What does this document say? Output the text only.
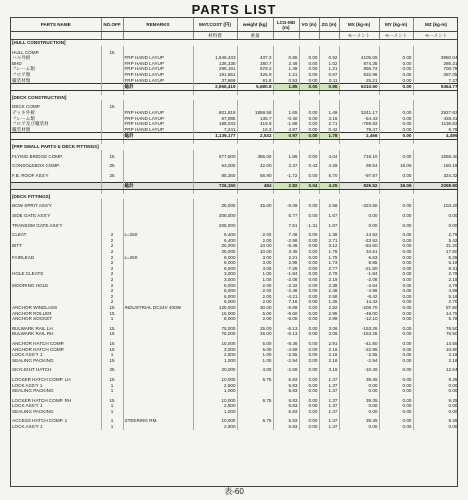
PARTS LIST
PARTS NAME	NO.OFF	REMARKS	MAT.COST (円)	weight (kg)	LCG-MD (m)	VG (m)	ZG (m)	MX (kg-m)	MY (kg-m)	MZ (kg-m)
			材料費	重量				モーメント	モーメント	モーメント
[HULL CONSTRUCTION]										

HULL COMP.	15									
ハル外板		FRP HAND LAYUP	1,848,433	437.2	0.85	0.00	0.92	4105.05	0.00	3980.04
BHD		FRP HAND LAYUP	136,336	280.7	2.49	0.00	1.02	874.35	0.00	286.21
フレーム類		FRP HAND LAYUP	298,191	578.2	1.48	0.00	1.21	855.74	0.00	700.78
フロア類		FRP HAND LAYUP	191,651	425.9	1.21	0.00	0.67	532.96	0.00	287.05
艤装材類		FRP HAND LAYUP	37,869	81.8	0.53	0.00	0.11	25.21	0.00	7.27
		総計	2,556,419	5,680.8	1.85	0.00	0.95	6210.50	0.00	5364.77

[DECK CONSTRUCTION]										

DECK COMP.	15									
デッキ外板		FRP HAND LAYUP	801,818	1959.58	1.65	0.00	1.49	3241.17	0.00	2927.63
フレーム類		FRP HAND LAYUP	67,086	135.7	-0.40	0.00	3.16	-54.43	0.00	428.41
フロア及び艤装材		FRP HAND LAYUP	188,033	419.9	-1.88	0.00	2.71	-789.83	0.00	1136.63
艤装材類		FRP HAND LAYUP	7,241	16.3	4.87	0.00	0.42	79.47	0.00	6.79
		総計	1,139,177	2,532	0.97	0.00	1.78	2,466	0.00	4,499

[FRP SMALL PARTS & DECK FITTINGS]										

FLYING BRIDGE COMP.	15		577,500	385.00	1.86	0.00	4.04	716.10	0.00	1555.40

CONSOLEBOX COMP.	25		63,000	42.00	2.37	0.43	4.29	99.54	18.06	180.18

F.B. ROOF ASS'Y	25		85,350	56.90	-1.72	0.00	5.70	-97.87	0.00	324.32

		総計	726,150	484	2.82	0.04	4.25	929.52	18.06	2059.90

[DECK FITTINGS]										

BOW SPRIT ASS'Y			25,000	45.00	-8.09	0.00	2.58	-323.60	0.00	103.20

SIDE GATE ASS'Y			208,000		5.77	0.00	1.67	0.00	0.00	0.00

TRANSOM GATE ASS'Y			208,000		7.61	-1.31	1.67	0.00	0.00	0.00

CLEAT	2	L=250	6,400	2.00	7.46	0.00	1.38	14.92	0.00	2.76
	2		6,400	2.00	-2.98	0.00	2.71	-23.92	0.00	5.42
BITT	2		25,000	10.00	-8.36	0.00	3.12	-83.60	0.00	31.20
	2		25,000	10.00	3.45	0.00	1.76	34.51	0.00	17.60
FAIRLEAD	2	L=250	8,000	3.00	2.21	0.00	1.75	6.63	0.00	5.25
	2		8,000	3.00	2.95	0.00	1.73	8.85	0.00	5.19
	2		8,000	3.00	-7.26	0.00	2.77	-21.80	0.00	8.31
HOLE CLEATS	2		3,000	1.00	-1.84	0.00	2.79	-1.84	0.00	2.79
	2		3,000	1.00	-2.08	0.00	2.19	-2.08	0.00	2.19
MOORING HOLE	2		6,000	2.00	-2.32	0.00	2.38	-4.64	0.00	4.76
	2		6,000	2.00	-2.48	0.00	2.48	-4.96	0.00	4.96
	2		6,000	2.00	-4.21	0.00	2.58	-8.42	0.00	5.16
	2		6,000	2.00	7.16	0.00	1.35	14.32	0.00	2.70
ANCHOR WINDLASS	15	INDUSTRIAL DC24V 400W	128,000	30.00	-6.89	0.00	2.92	-206.70	0.00	87.60
ANCHOR ROLLER	15		15,000	5.00	-9.60	0.00	2.95	-48.00	0.00	14.75
ANCHOR SOCKET	1		8,000	2.00	-6.05	0.00	2.89	-12.10	0.00	5.78

BULWARK RAIL LH	15		75,000	25.00	-6.13	0.00	3.06	-153.25	0.00	76.50
BULWARK RAIL RH	15		75,000	25.00	-6.13	0.00	3.06	-153.25	0.00	76.50

ANCHOR HATCH COMP.	15		15,000	5.00	-8.36	0.00	2.91	-41.80	0.00	14.55
ANCHOR HATCH COMP.	15		3,000	5.00	-4.59	0.00	2.16	-22.95	0.00	10.80
LOCK ASS'Y 1	1		2,500	1.00	-2.55	0.00	2.16	-2.55	0.00	2.16
SEALING PACKING	15		1,000	1.00	-2.94	0.00	2.16	-2.94	0.00	2.16

SKYLIGHT HATCH	25		20,000	4.00	-2.59	0.00	3.16	-10.36	0.00	12.64

LOCKER HATCH COMP. LH	15		10,000	6.75	5.83	0.00	1.37	39.35	0.00	9.25
LOCK ASS'Y 1	1		2,500		5.83	0.00	1.37	0.00	0.00	0.00
SEALING PACKING	1		1,000		5.83	0.00	1.37	0.00	0.00	0.00

LOCKER HATCH COMP. RH	15		10,000	6.75	5.83	0.00	1.37	39.35	0.00	9.25
LOCK ASS'Y 1	1		2,500		5.83	0.00	1.37	0.00	0.00	0.00
SEALING PACKING	1		1,000		5.83	0.00	1.37	0.00	0.00	0.00

ACCESS HATCH COMP. 1	1	STEERING RM.	10,000	6.75	5.83	0.00	1.37	39.35	0.00	9.25
LOCK ASS'Y 1	1		2,500		5.83	0.00	1.37	0.00	0.00	0.00
表-60
